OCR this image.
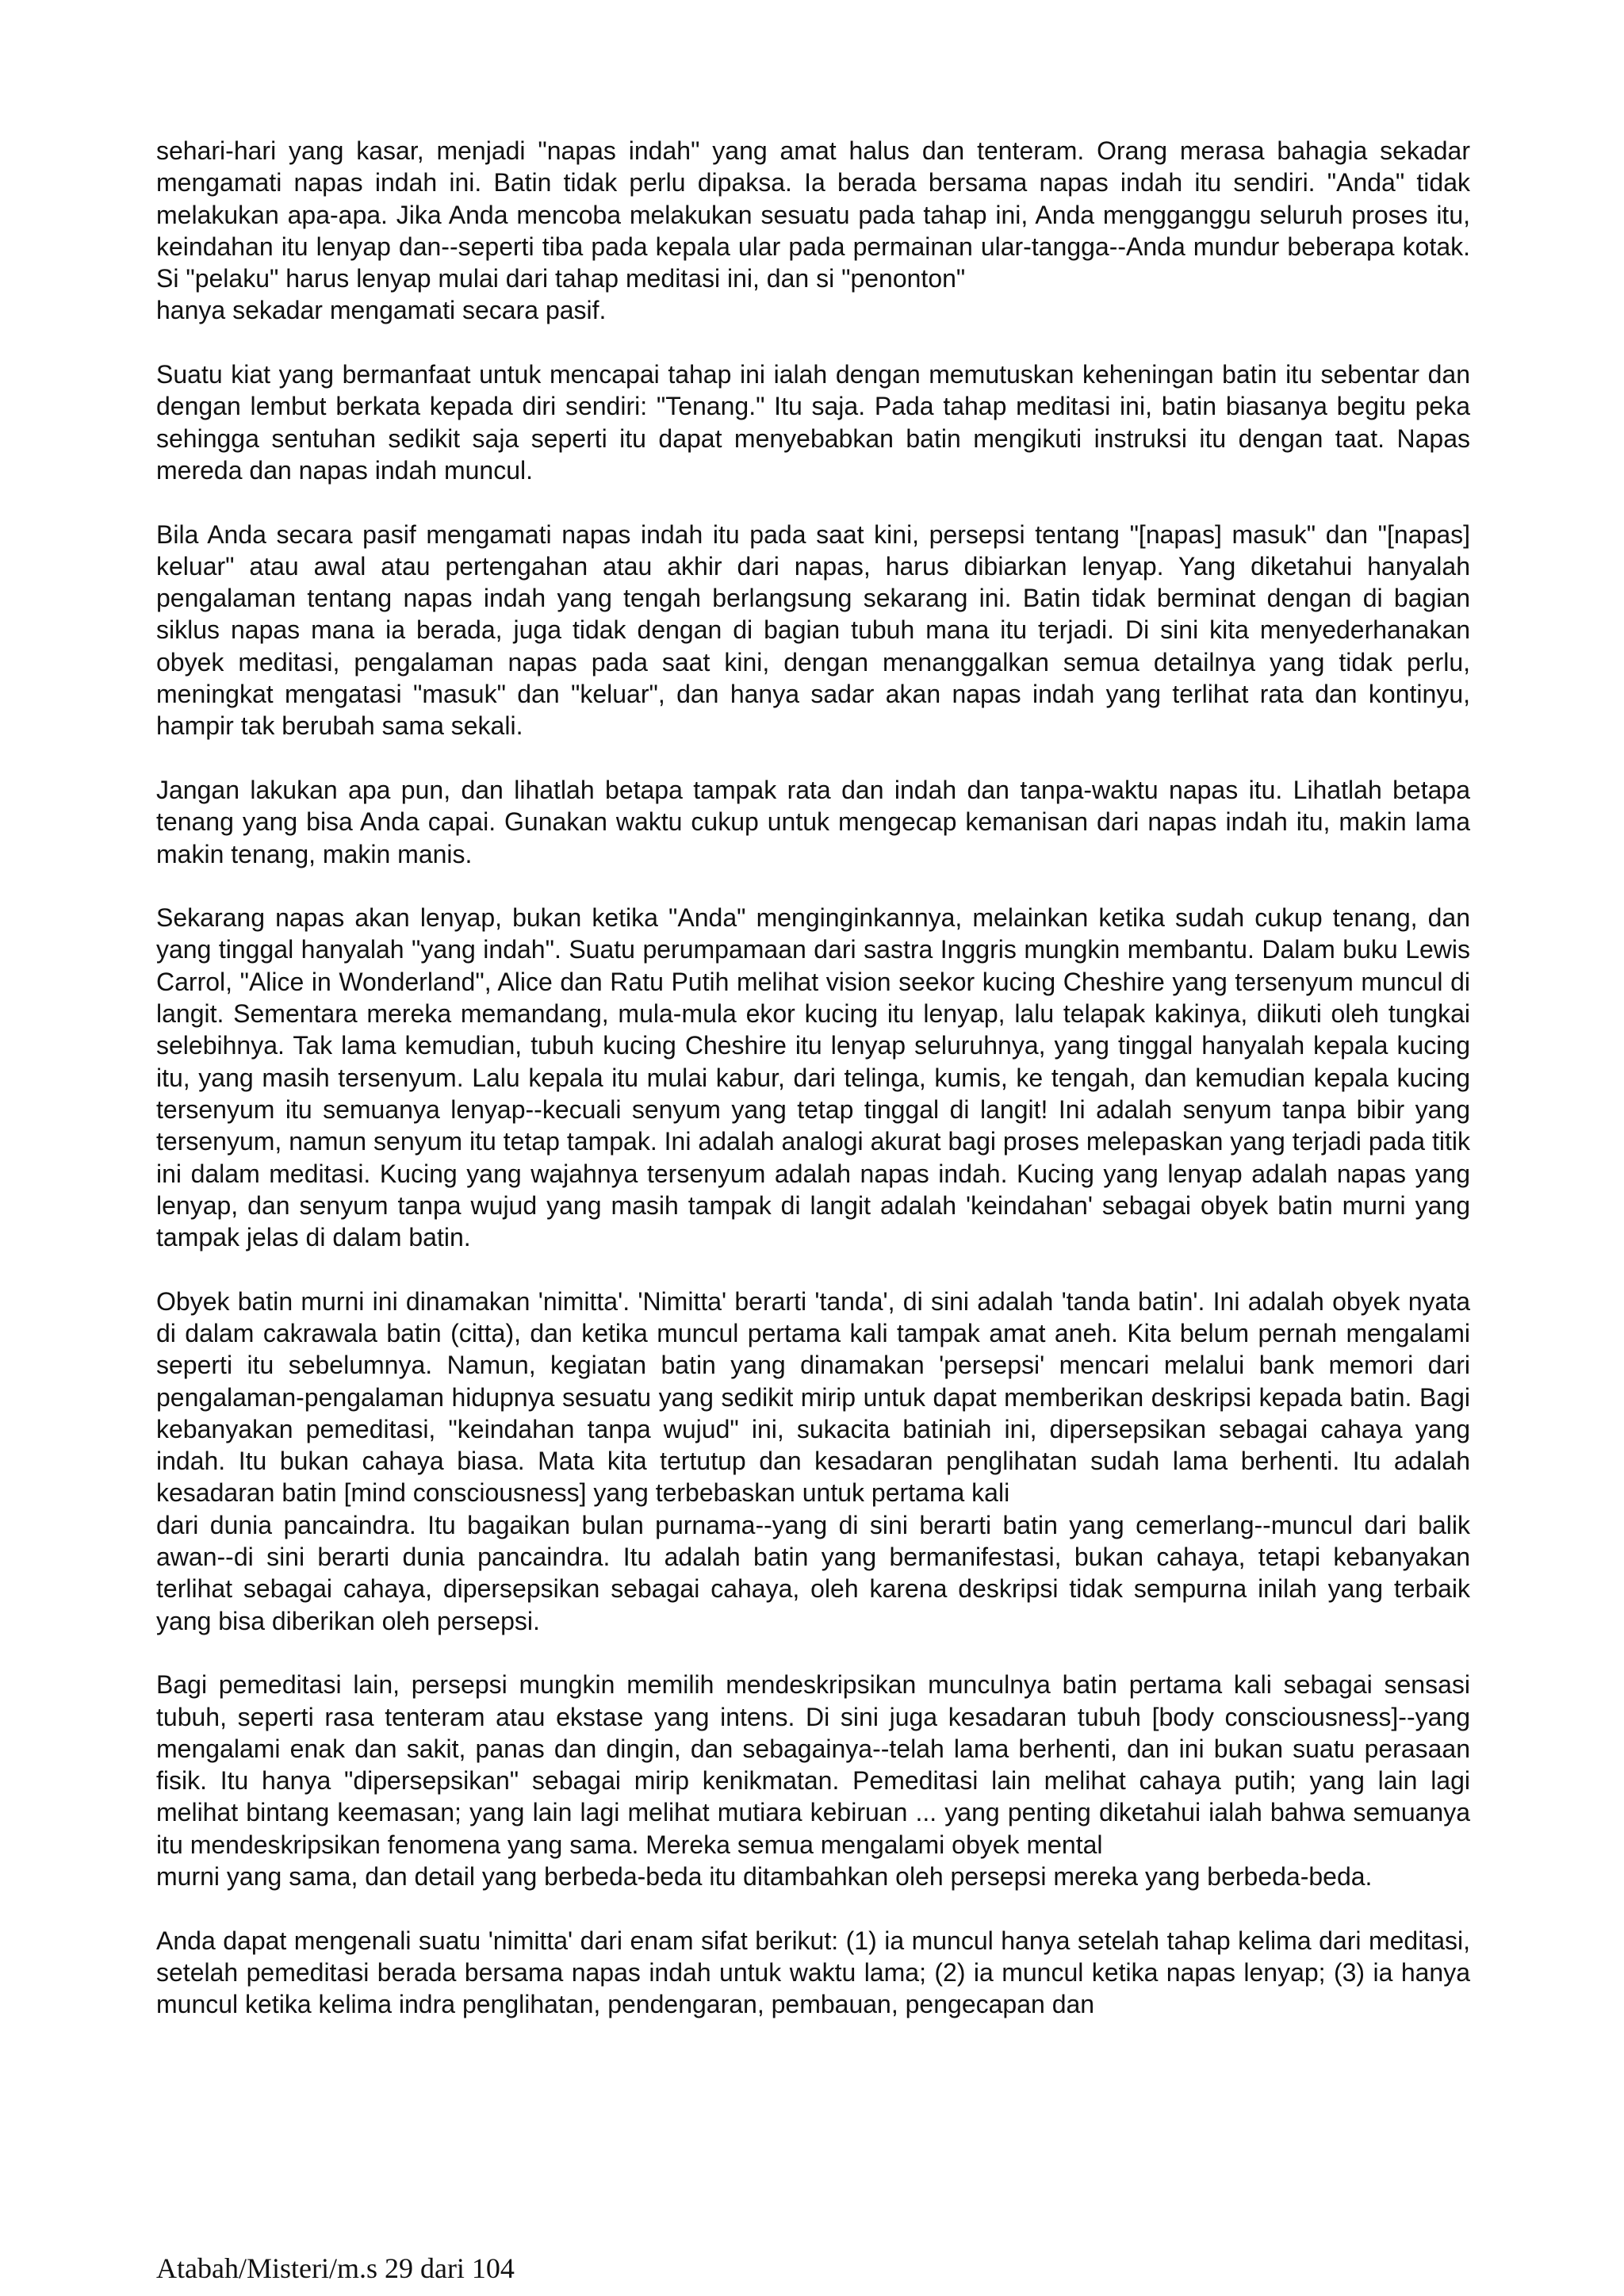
sehari-hari yang kasar, menjadi "napas indah" yang amat halus dan tenteram. Orang merasa bahagia sekadar mengamati napas indah ini. Batin tidak perlu dipaksa. Ia berada bersama napas indah itu sendiri. "Anda" tidak melakukan apa-apa. Jika Anda mencoba melakukan sesuatu pada tahap ini, Anda mengganggu seluruh proses itu, keindahan itu lenyap dan--seperti tiba pada kepala ular pada permainan ular-tangga--Anda mundur beberapa kotak. Si "pelaku" harus lenyap mulai dari tahap meditasi ini, dan si "penonton"

hanya sekadar mengamati secara pasif.

Suatu kiat yang bermanfaat untuk mencapai tahap ini ialah dengan memutuskan keheningan batin itu sebentar dan dengan lembut berkata kepada diri sendiri: "Tenang." Itu saja. Pada tahap meditasi ini, batin biasanya begitu peka sehingga sentuhan sedikit saja seperti itu dapat menyebabkan batin mengikuti instruksi itu dengan taat. Napas mereda dan napas indah muncul.

Bila Anda secara pasif mengamati napas indah itu pada saat kini, persepsi tentang "[napas] masuk" dan "[napas] keluar" atau awal atau pertengahan atau akhir dari napas, harus dibiarkan lenyap. Yang diketahui hanyalah pengalaman tentang napas indah yang tengah berlangsung sekarang ini. Batin tidak berminat dengan di bagian siklus napas mana ia berada, juga tidak dengan di bagian tubuh mana itu terjadi. Di sini kita menyederhanakan obyek meditasi, pengalaman napas pada saat kini, dengan menanggalkan semua detailnya yang tidak perlu, meningkat mengatasi "masuk" dan "keluar", dan hanya sadar akan napas indah yang terlihat rata dan kontinyu, hampir tak berubah sama sekali.

Jangan lakukan apa pun, dan lihatlah betapa tampak rata dan indah dan tanpa-waktu napas itu. Lihatlah betapa tenang yang bisa Anda capai. Gunakan waktu cukup untuk mengecap kemanisan dari napas indah itu, makin lama makin tenang, makin manis.

Sekarang napas akan lenyap, bukan ketika "Anda" menginginkannya, melainkan ketika sudah cukup tenang, dan yang tinggal hanyalah "yang indah". Suatu perumpamaan dari sastra Inggris mungkin membantu. Dalam buku Lewis Carrol, "Alice in Wonderland", Alice dan Ratu Putih melihat vision seekor kucing Cheshire yang tersenyum muncul di langit. Sementara mereka memandang, mula-mula ekor kucing itu lenyap, lalu telapak kakinya, diikuti oleh tungkai selebihnya. Tak lama kemudian, tubuh kucing Cheshire itu lenyap seluruhnya, yang tinggal hanyalah kepala kucing itu, yang masih tersenyum. Lalu kepala itu mulai kabur, dari telinga, kumis, ke tengah, dan kemudian kepala kucing tersenyum itu semuanya lenyap--kecuali senyum yang tetap tinggal di langit! Ini adalah senyum tanpa bibir yang tersenyum, namun senyum itu tetap tampak. Ini adalah analogi akurat bagi proses melepaskan yang terjadi pada titik ini dalam meditasi. Kucing yang wajahnya tersenyum adalah napas indah. Kucing yang lenyap adalah napas yang lenyap, dan senyum tanpa wujud yang masih tampak di langit adalah 'keindahan' sebagai obyek batin murni yang tampak jelas di dalam batin.

Obyek batin murni ini dinamakan 'nimitta'. 'Nimitta' berarti 'tanda', di sini adalah 'tanda batin'. Ini adalah obyek nyata di dalam cakrawala batin (citta), dan ketika muncul pertama kali tampak amat aneh. Kita belum pernah mengalami seperti itu sebelumnya. Namun, kegiatan batin yang dinamakan 'persepsi' mencari melalui bank memori dari pengalaman-pengalaman hidupnya sesuatu yang sedikit mirip untuk dapat memberikan deskripsi kepada batin. Bagi kebanyakan pemeditasi, "keindahan tanpa wujud" ini, sukacita batiniah ini, dipersepsikan sebagai cahaya yang indah. Itu bukan cahaya biasa. Mata kita tertutup dan kesadaran penglihatan sudah lama berhenti. Itu adalah kesadaran batin [mind consciousness] yang terbebaskan untuk pertama kali

dari dunia pancaindra. Itu bagaikan bulan purnama--yang di sini berarti batin yang cemerlang--muncul dari balik awan--di sini berarti dunia pancaindra. Itu adalah batin yang bermanifestasi, bukan cahaya, tetapi kebanyakan terlihat sebagai cahaya, dipersepsikan sebagai cahaya, oleh karena deskripsi tidak sempurna inilah yang terbaik yang bisa diberikan oleh persepsi.

Bagi pemeditasi lain, persepsi mungkin memilih mendeskripsikan munculnya batin pertama kali sebagai sensasi tubuh, seperti rasa tenteram atau ekstase yang intens. Di sini juga kesadaran tubuh [body consciousness]--yang mengalami enak dan sakit, panas dan dingin, dan sebagainya--telah lama berhenti, dan ini bukan suatu perasaan fisik. Itu hanya "dipersepsikan" sebagai mirip kenikmatan. Pemeditasi lain melihat cahaya putih; yang lain lagi melihat bintang keemasan; yang lain lagi melihat mutiara kebiruan ... yang penting diketahui ialah bahwa semuanya itu mendeskripsikan fenomena yang sama. Mereka semua mengalami obyek mental

murni yang sama, dan detail yang berbeda-beda itu ditambahkan oleh persepsi mereka yang berbeda-beda.

Anda dapat mengenali suatu 'nimitta' dari enam sifat berikut: (1) ia muncul hanya setelah tahap kelima dari meditasi, setelah pemeditasi berada bersama napas indah untuk waktu lama; (2) ia muncul ketika napas lenyap; (3) ia hanya muncul ketika kelima indra penglihatan, pendengaran, pembauan, pengecapan dan

Atabah/Misteri/m.s 29 dari 104
